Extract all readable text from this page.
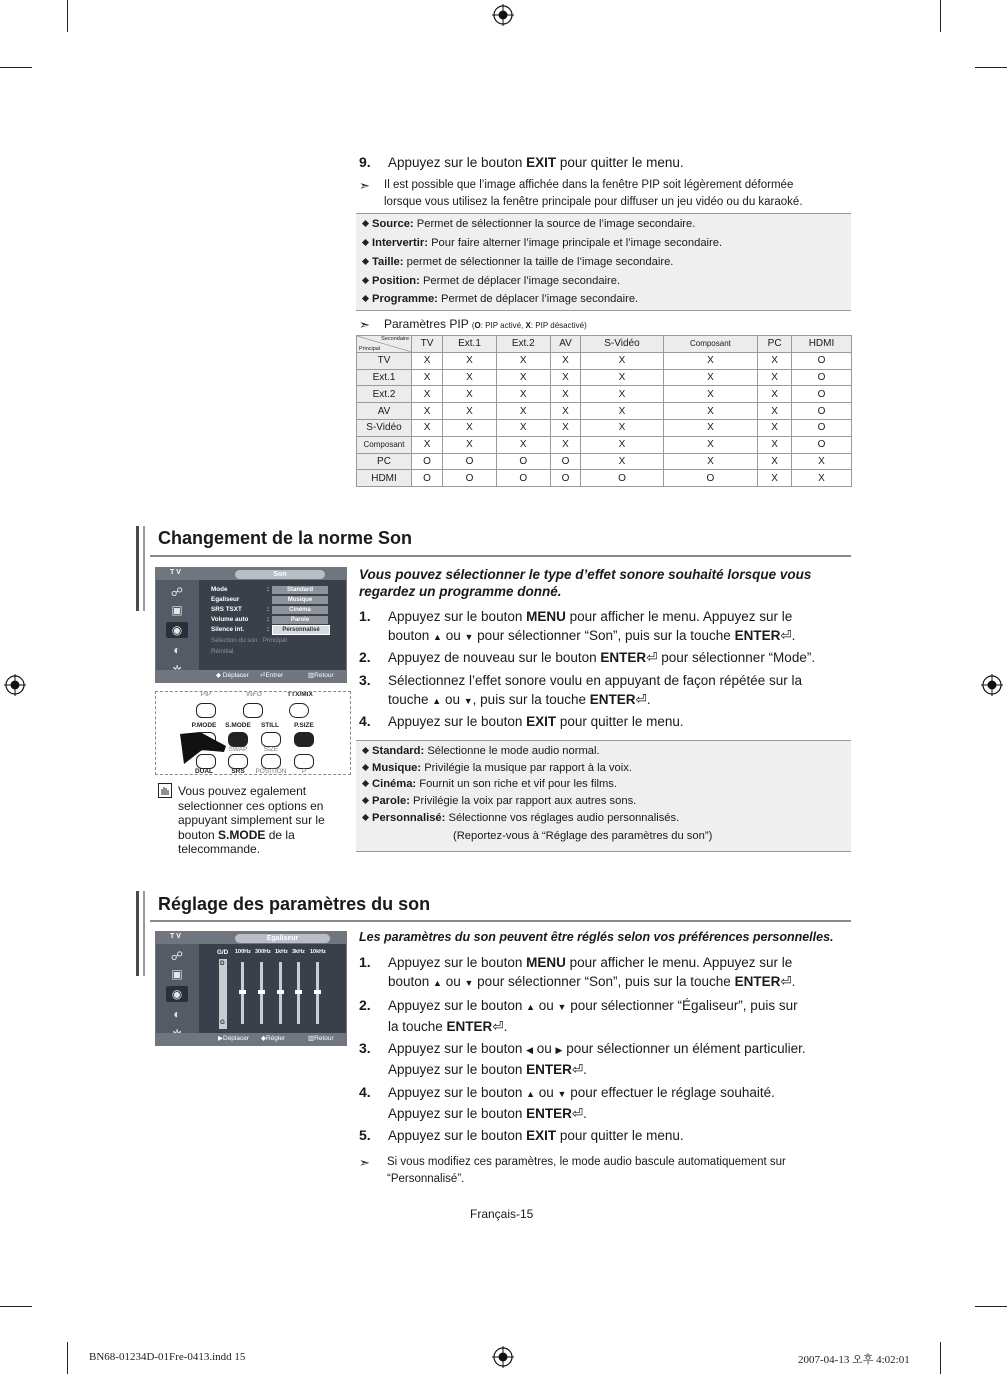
9. Appuyez sur le bouton EXIT pour quitter le menu.
➣ Il est possible que l’image affichée dans la fenêtre PIP soit légèrement déformée
lorsque vous utilisez la fenêtre principale pour diffuser un jeu vidéo ou du karaoké.
Source: Permet de sélectionner la source de l’image secondaire.
Intervertir: Pour faire alterner l’image principale et l’image secondaire.
Taille: permet de sélectionner la taille de l’image secondaire.
Position: Permet de déplacer l’image secondaire.
Programme: Permet de déplacer l’image secondaire.
➣ Paramètres PIP (O: PIP activé, X: PIP désactivé)
Secondaire
Principal	TV	Ext.1	Ext.2	AV	S-Vidéo	Composant	PC	HDMI
TV	X	X	X	X	X	X	X	O
Ext.1	X	X	X	X	X	X	X	O
Ext.2	X	X	X	X	X	X	X	O
AV	X	X	X	X	X	X	X	O
S-Vidéo	X	X	X	X	X	X	X	O
Composant	X	X	X	X	X	X	X	O
PC	O	O	O	O	X	X	X	X
HDMI	O	O	O	O	O	O	X	X
Changement de la norme Son
T V	Son
☍
▣
◉
◐
Mode	:	Standard
Egaliseur	Musique
SRS TSXT	:	Cinéma
Volume auto	:	Parole
Silence int.	:	Personnalisé
Sélection du son : Principal
Réinitial.
◆ Déplacer ⏎Entrer	▥Retour
PIP	INFO	TTX/MIX
P.MODE	S.MODE	STILL	P.SIZE
SWAP	SIZE
DUAL	SRS	POSITION	P
Vous pouvez egalement
selectionner ces options en
appuyant simplement sur le
bouton S.MODE de la
telecommande.
Vous pouvez sélectionner le type d’effet sonore souhaité lorsque vous
regardez un programme donné.
1. Appuyez sur le bouton MENU pour afficher le menu. Appuyez sur le
bouton ▲ ou ▼ pour sélectionner “Son”, puis sur la touche ENTER⏎.
2. Appuyez de nouveau sur le bouton ENTER⏎ pour sélectionner “Mode”.
3. Sélectionnez l’effet sonore voulu en appuyant de façon répétée sur la
touche ▲ ou ▼, puis sur la touche ENTER⏎.
4. Appuyez sur le bouton EXIT pour quitter le menu.
Standard: Sélectionne le mode audio normal.
Musique: Privilégie la musique par rapport à la voix.
Cinéma: Fournit un son riche et vif pour les films.
Parole: Privilégie la voix par rapport aux autres sons.
Personnalisé: Sélectionne vos réglages audio personnalisés.
(Reportez-vous à “Réglage des paramètres du son”)
Réglage des paramètres du son
T V	Egaliseur
☍
▣
◉
◐
G/D 100Hz 300Hz 1kHz 3kHz 10kHz
D
G
▶Déplacer ◆Régler	▥Retour
Les paramètres du son peuvent être réglés selon vos préférences personnelles.
1. Appuyez sur le bouton MENU pour afficher le menu. Appuyez sur le
bouton ▲ ou ▼ pour sélectionner “Son”, puis sur la touche ENTER⏎.
2. Appuyez sur le bouton ▲ ou ▼ pour sélectionner “Égaliseur”, puis sur
la touche ENTER⏎.
3. Appuyez sur le bouton ◀ ou ▶ pour sélectionner un élément particulier.
Appuyez sur le bouton ENTER⏎.
4. Appuyez sur le bouton ▲ ou ▼ pour effectuer le réglage souhaité.
Appuyez sur le bouton ENTER⏎.
5. Appuyez sur le bouton EXIT pour quitter le menu.
➣ Si vous modifiez ces paramètres, le mode audio bascule automatiquement sur
“Personnalisé”.
Français-15
BN68-01234D-01Fre-0413.indd 15	2007-04-13 오후 4:02:01
